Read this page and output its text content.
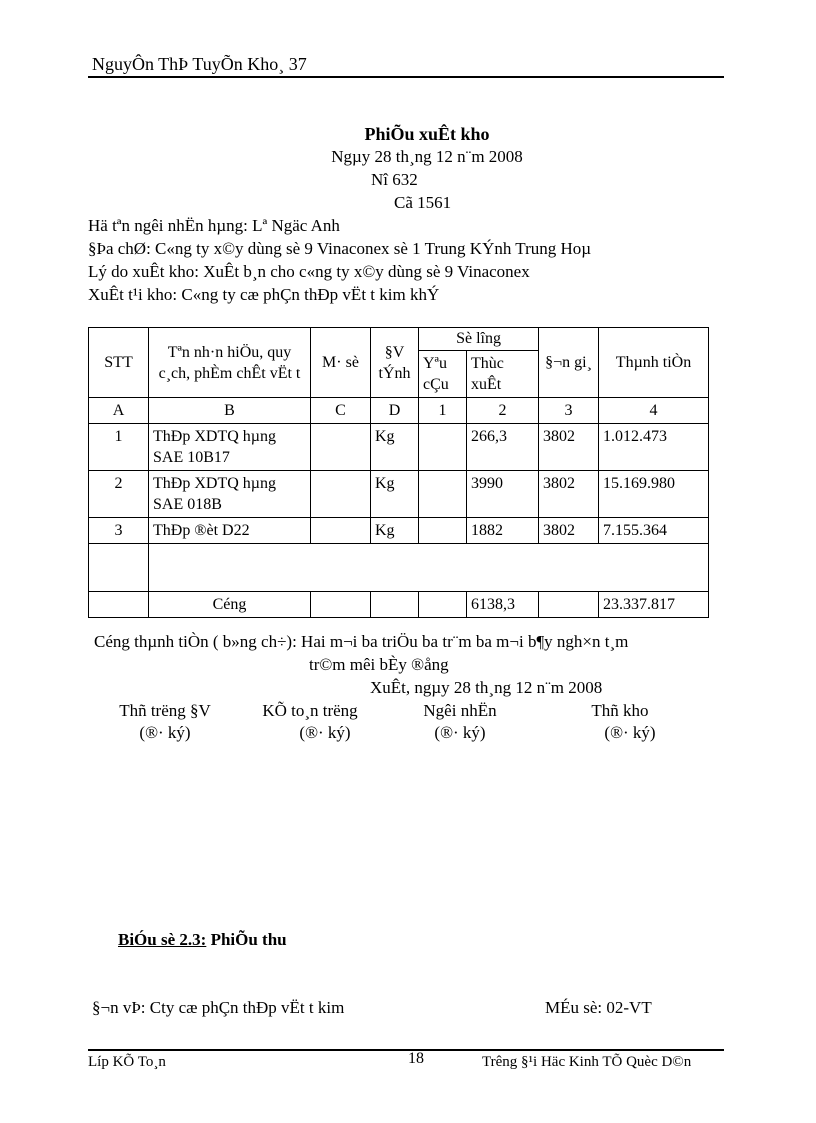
NguyÔn ThÞ TuyÕn Kho¸ 37
PhiÕu xuÊt kho
Ngµy 28 th¸ng 12 n¨m 2008
Nî 632
Cã 1561
Hä tªn ngêi nhËn hµng: Lª Ngäc Anh
§Þa chØ: C«ng ty x©y dùng sè 9 Vinaconex sè 1 Trung KÝnh Trung Hoµ
Lý do xuÊt kho: XuÊt b¸n cho c«ng ty x©y dùng sè 9 Vinaconex
XuÊt t¹i kho: C«ng ty cæ phÇn thÐp vËt t kim khÝ
STT	Tªn nh·n hiÖu, quy c¸ch, phÈm chÊt vËt t	M· sè	§V tÝnh	Sè lîng		§¬n gi¸	Thµnh tiÒn
				Yªu cÇu	Thùc xuÊt		
A	B	C	D	1	2	3	4
1	ThÐp XDTQ hµng SAE 10B17		Kg		266,3	3802	1.012.473
2	ThÐp XDTQ hµng SAE 018B		Kg		3990	3802	15.169.980
3	ThÐp ®èt D22		Kg		1882	3802	7.155.364

	Céng				6138,3		23.337.817
Céng thµnh tiÒn ( b»ng ch÷): Hai m¬i ba triÖu ba tr¨m ba m¬i b¶y ngh×n t¸m
tr©m mêi bÈy ®ång
XuÊt, ngµy 28 th¸ng 12 n¨m 2008
Thñ trëng §V
(®· ký)
KÕ to¸n trëng
(®· ký)
Ngêi nhËn
(®· ký)
Thñ kho
(®· ký)
BiÓu sè 2.3: PhiÕu thu
§¬n vÞ: Cty cæ phÇn thÐp vËt t kim	MÉu sè: 02-VT
Líp KÕ To¸n	18	Trêng §¹i Häc Kinh TÕ Quèc D©n
